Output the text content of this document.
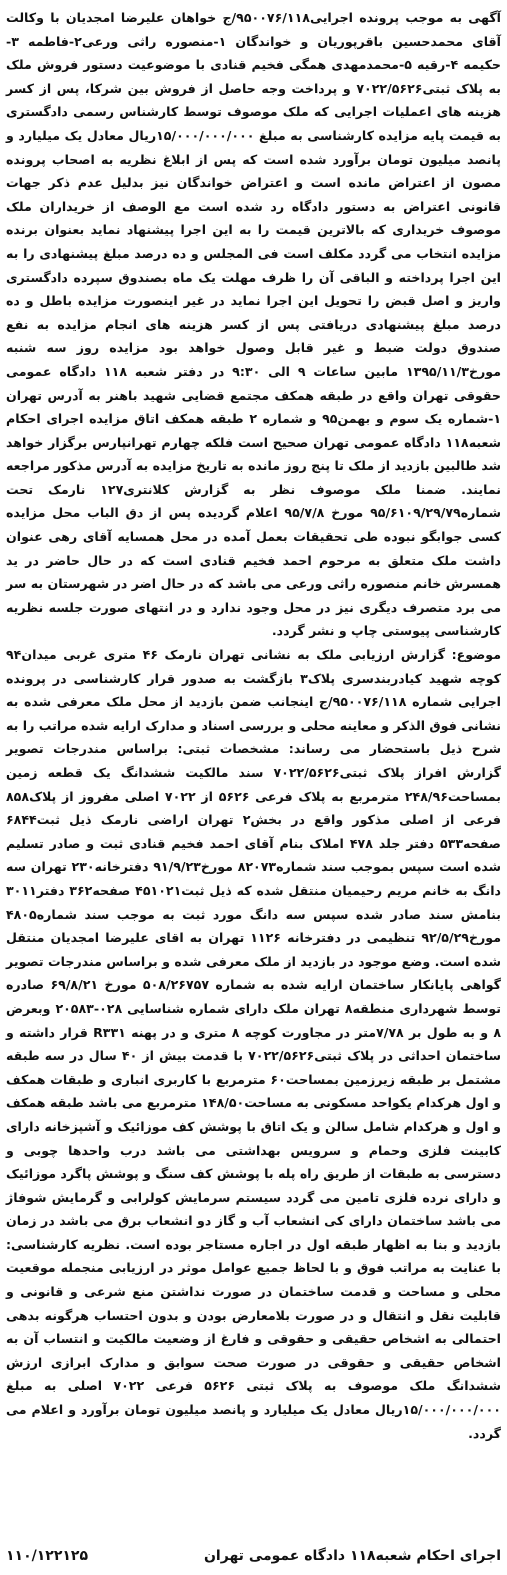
آگهی به موجب پرونده اجرایی۹۵۰۰۷۶/۱۱۸/ج خواهان علیرضا امجدیان با وکالت آقای محمدحسین باقرپوریان و خواندگان ۱-منصوره راثی ورعی۲-فاطمه ۳-حکیمه ۴-رقیه ۵-محمدمهدی همگی فخیم قنادی با موضوعیت دستور فروش ملک به پلاک ثبتی۷۰۲۲/۵۶۲۶ و پرداخت وجه حاصل از فروش بین شرکا، پس از کسر هزینه های اعملیات اجرایی که ملک موصوف توسط کارشناس رسمی دادگستری به قیمت پایه مزایده کارشناسی به مبلغ ۱۵/۰۰۰/۰۰۰/۰۰۰ریال معادل یک میلیارد و پانصد میلیون تومان برآورد شده است که پس از ابلاغ نظریه به اصحاب پرونده مصون از اعتراض مانده است و اعتراض خواندگان نیز بدلیل عدم ذکر جهات قانونی اعتراض به دستور دادگاه رد شده است مع الوصف از خریداران ملک موصوف خریداری که بالاترین قیمت را به این اجرا پیشنهاد نماید بعنوان برنده مزایده انتخاب می گردد مکلف است فی المجلس و ده درصد مبلغ پیشنهادی را به این اجرا پرداخته و الباقی آن را ظرف مهلت یک ماه بصندوق سپرده دادگستری واریز و اصل قبض را تحویل این اجرا نماید در غیر اینصورت مزایده باطل و ده درصد مبلغ پیشنهادی دریافتی پس از کسر هزینه های انجام مزایده به نفع صندوق دولت ضبط و غیر قابل وصول خواهد بود مزایده روز سه شنبه مورخ۱۳۹۵/۱۱/۳ مابین ساعات ۹ الی ۹:۳۰ در دفتر شعبه ۱۱۸ دادگاه عمومی حقوقی تهران واقع در طبقه همکف مجتمع قضایی شهید باهنر به آدرس تهران ۱-شماره یک سوم و بهمن۹۵ و شماره ۲ طبقه همکف اتاق مزایده اجرای احکام شعبه۱۱۸ دادگاه عمومی تهران صحیح است فلکه چهارم تهرانپارس برگزار خواهد شد طالبین بازدید از ملک تا پنج روز مانده به تاریخ مزایده به آدرس مذکور مراجعه نمایند. ضمنا ملک موصوف نظر به گزارش کلانتری۱۲۷ نارمک تحت شماره۹۵/۶۱۰۹/۲۹/۷۹ مورخ ۹۵/۷/۸ اعلام گردیده پس از دق الباب محل مزایده کسی جوابگو نبوده طی تحقیقات بعمل آمده در محل همسایه آقای رهی عنوان داشت ملک متعلق به مرحوم احمد فخیم قنادی است که در حال حاضر در ید همسرش خانم منصوره راثی ورعی می باشد که در حال اضر در شهرستان به سر می برد متصرف دیگری نیز در محل وجود ندارد و در انتهای صورت جلسه نظریه کارشناسی پیوستی چاپ و نشر گردد.

موضوع: گزارش ارزیابی ملک به نشانی تهران نارمک ۴۶ متری غربی میدان۹۴ کوچه شهید کیادربندسری پلاک۳ بازگشت به صدور قرار کارشناسی در پرونده اجرایی شماره ۹۵۰۰۷۶/۱۱۸/ج اینجانب ضمن بازدید از محل ملک معرفی شده به نشانی فوق الذکر و معاینه محلی و بررسی اسناد و مدارک ارایه شده مراتب را به شرح ذیل باستحضار می رساند: مشخصات ثبتی: براساس مندرجات تصویر گزارش افراز پلاک ثبتی۷۰۲۲/۵۶۲۶ سند مالکیت ششدانگ یک قطعه زمین بمساحت۲۴۸/۹۶ مترمربع به پلاک فرعی ۵۶۲۶ از ۷۰۲۲ اصلی مفروز از پلاک۸۵۸ فرعی از اصلی مذکور واقع در بخش۲ تهران اراضی نارمک ذیل ثبت۶۸۴۴ صفحه۵۳۳ دفتر جلد ۴۷۸ املاک بنام آقای احمد فخیم قنادی ثبت و صادر تسلیم شده است سپس بموجب سند شماره۸۲۰۷۳ مورخ۹۱/۹/۲۳ دفترخانه۲۳۰ تهران سه دانگ به خانم مریم رحیمیان منتقل شده که ذیل ثبت۴۵۱۰۲۱ صفحه۳۶۲ دفتر۳۰۱۱ بنامش سند صادر شده سپس سه دانگ مورد ثبت به موجب سند شماره۴۸۰۵ مورخ۹۲/۵/۲۹ تنظیمی در دفترخانه ۱۱۲۶ تهران به اقای علیرضا امجدیان منتقل شده است. وضع موجود در بازدید از ملک معرفی شده و براساس مندرجات تصویر گواهی پایانکار ساختمان ارایه شده به شماره ۵۰۸/۲۶۷۵۷ مورخ ۶۹/۸/۲۱ صادره توسط شهرداری منطقه۸ تهران ملک دارای شماره شناسایی ۰۲۸-۲۰۵۸۳ وبعرض ۸ و به طول بر ۷/۷۸متر در مجاورت کوچه ۸ متری و در پهنه R۳۳۱ قرار داشته و ساختمان احداثی در پلاک ثبتی۷۰۲۲/۵۶۲۶ با قدمت بیش از ۴۰ سال در سه طبقه مشتمل بر طبقه زیرزمین بمساحت۶۰ مترمربع با کاربری انباری و طبقات همکف و اول هرکدام یکواحد مسکونی به مساحت۱۴۸/۵۰ مترمربع می باشد طبقه همکف و اول و هرکدام شامل سالن و یک اتاق با پوشش کف موزائیک و آشپزخانه دارای کابینت فلزی وحمام و سرویس بهداشتی می باشد درب واحدها چوبی و دسترسی به طبقات از طریق راه پله با پوشش کف سنگ و پوشش پاگرد موزائیک و دارای نرده فلزی تامین می گردد سیستم سرمایش کولرابی و گرمایش شوفاژ می باشد ساختمان دارای کی انشعاب آب و گاز دو انشعاب برق می باشد در زمان بازدید و بنا به اظهار طبقه اول در اجاره مستاجر بوده است. نظریه کارشناسی: با عنایت به مراتب فوق و با لحاظ جمیع عوامل موثر در ارزیابی منجمله موقعیت محلی و مساحت و قدمت ساختمان در صورت نداشتن منع شرعی و قانونی و قابلیت نقل و انتقال و در صورت بلامعارض بودن و بدون احتساب هرگونه بدهی احتمالی به اشخاص حقیقی و حقوقی و فارغ از وضعیت مالکیت و انتساب آن به اشخاص حقیقی و حقوقی در صورت صحت سوابق و مدارک ابرازی ارزش ششدانگ ملک موصوف به پلاک ثبتی ۵۶۲۶ فرعی ۷۰۲۲ اصلی به مبلغ ۱۵/۰۰۰/۰۰۰/۰۰۰ریال معادل یک میلیارد و پانصد میلیون تومان برآورد و اعلام می گردد.

اجرای احکام شعبه۱۱۸ دادگاه عمومی تهران
۱۱۰/۱۲۲۱۲۵
